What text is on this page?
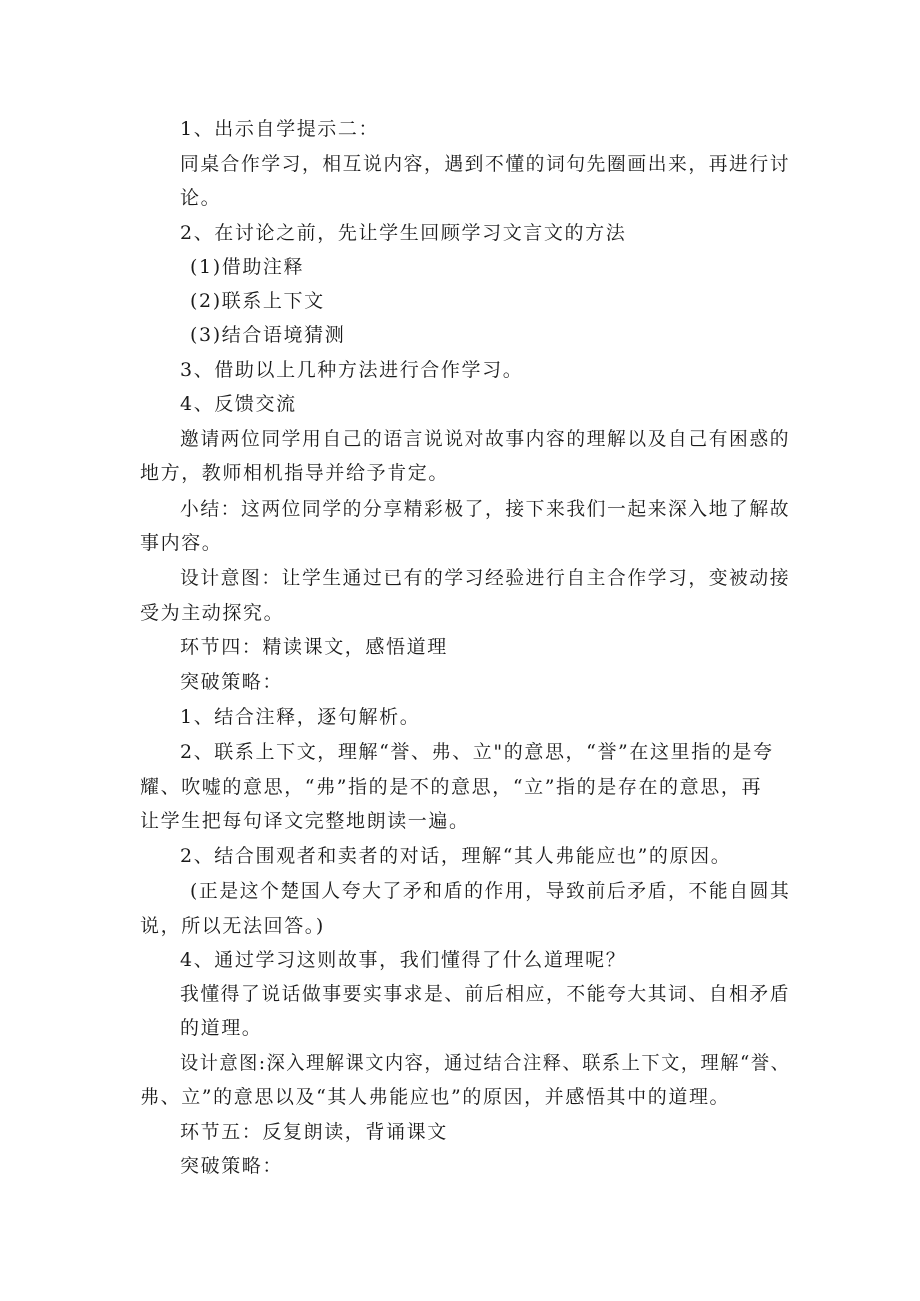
1、出示自学提示二：
同桌合作学习，相互说内容，遇到不懂的词句先圈画出来，再进行讨
论。
2、在讨论之前，先让学生回顾学习文言文的方法
(1)借助注释
(2)联系上下文
(3)结合语境猜测
3、借助以上几种方法进行合作学习。
4、反馈交流
邀请两位同学用自己的语言说说对故事内容的理解以及自己有困惑的
地方，教师相机指导并给予肯定。
小结：这两位同学的分享精彩极了，接下来我们一起来深入地了解故
事内容。
设计意图：让学生通过已有的学习经验进行自主合作学习，变被动接
受为主动探究。
环节四：精读课文，感悟道理
突破策略：
1、结合注释，逐句解析。
2、联系上下文，理解“誉、弗、立"的意思，“誉”在这里指的是夸
耀、吹嘘的意思，“弗”指的是不的意思，“立”指的是存在的意思，再
让学生把每句译文完整地朗读一遍。
2、结合围观者和卖者的对话，理解“其人弗能应也”的原因。
(正是这个楚国人夸大了矛和盾的作用，导致前后矛盾，不能自圆其
说，所以无法回答。)
4、通过学习这则故事，我们懂得了什么道理呢？
我懂得了说话做事要实事求是、前后相应，不能夸大其词、自相矛盾
的道理。
设计意图:深入理解课文内容，通过结合注释、联系上下文，理解“誉、
弗、立”的意思以及“其人弗能应也”的原因，并感悟其中的道理。
环节五：反复朗读，背诵课文
突破策略：
